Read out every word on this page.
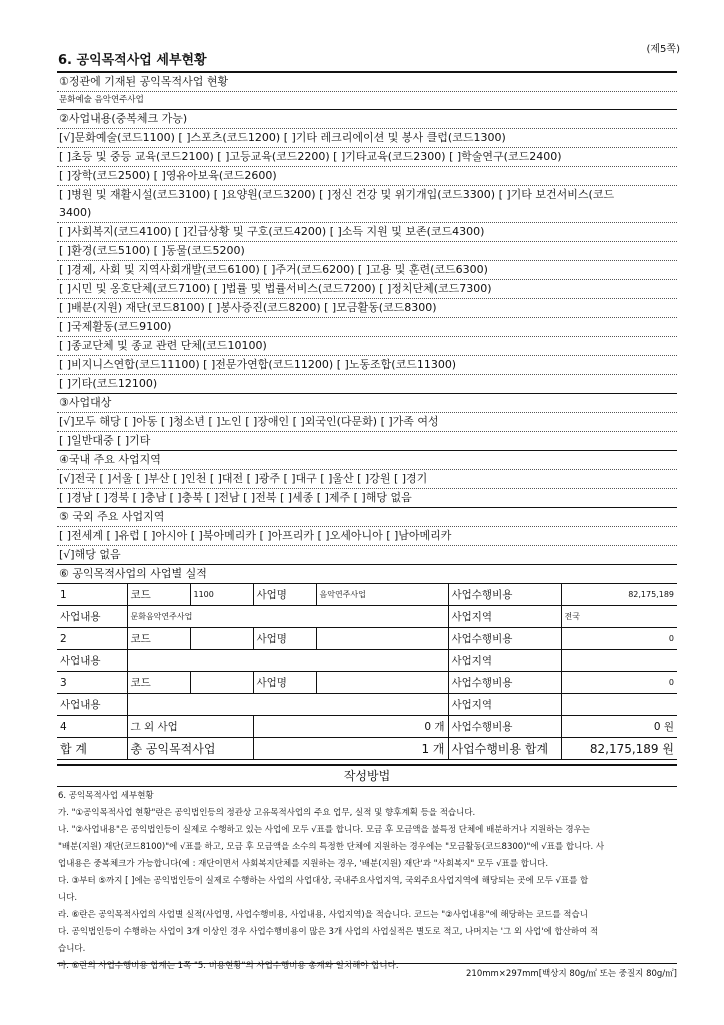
(제5쪽)
6. 공익목적사업 세부현황
①정관에 기재된 공익목적사업 현황
문화예술 음악연주사업
②사업내용(중복체크 가능)
[√]문화예술(코드1100) [ ]스포츠(코드1200) [ ]기타 레크리에이션 및 봉사 클럽(코드1300)
[ ]초등 및 중등 교육(코드2100) [ ]고등교육(코드2200) [ ]기타교육(코드2300) [ ]학술연구(코드2400)
[ ]장학(코드2500) [ ]영유아보육(코드2600)
[ ]병원 및 재활시설(코드3100) [ ]요양원(코드3200) [ ]정신 건강 및 위기개입(코드3300) [ ]기타 보건서비스(코드
3400)
[ ]사회복지(코드4100) [ ]긴급상황 및 구호(코드4200) [ ]소득 지원 및 보존(코드4300)
[ ]환경(코드5100) [ ]동물(코드5200)
[ ]경제, 사회 및 지역사회개발(코드6100) [ ]주거(코드6200) [ ]고용 및 훈련(코드6300)
[ ]시민 및 옹호단체(코드7100) [ ]법률 및 법률서비스(코드7200) [ ]정치단체(코드7300)
[ ]배분(지원) 재단(코드8100) [ ]봉사증진(코드8200) [ ]모금활동(코드8300)
[ ]국제활동(코드9100)
[ ]종교단체 및 종교 관련 단체(코드10100)
[ ]비지니스연합(코드11100) [ ]전문가연합(코드11200) [ ]노동조합(코드11300)
[ ]기타(코드12100)
③사업대상
[√]모두 해당 [ ]아동 [ ]청소년 [ ]노인 [ ]장애인 [ ]외국인(다문화) [ ]가족 여성
[ ]일반대중 [ ]기타
④국내 주요 사업지역
[√]전국 [ ]서울 [ ]부산 [ ]인천 [ ]대전 [ ]광주 [ ]대구 [ ]울산 [ ]강원 [ ]경기
[ ]경남 [ ]경북 [ ]충남 [ ]충북 [ ]전남 [ ]전북 [ ]세종 [ ]제주 [ ]해당 없음
⑤ 국외 주요 사업지역
[ ]전세계 [ ]유럽 [ ]아시아 [ ]북아메리카 [ ]아프리카 [ ]오세아니아 [ ]남아메리카
[√]해당 없음
⑥ 공익목적사업의 사업별 실적
1	코드	1100	사업명	음악연주사업	사업수행비용	82,175,189
사업내용	문화음악연주사업				사업지역	전국
2	코드		사업명		사업수행비용	0
사업내용					사업지역	
3	코드		사업명		사업수행비용	0
사업내용					사업지역	
4	그 외 사업		0 개		사업수행비용	0 원
합 계	총 공익목적사업		1 개		사업수행비용 합계	82,175,189 원
작성방법

6. 공익목적사업 세부현황

가. "①공익목적사업 현황"란은 공익법인등의 정관상 고유목적사업의 주요 업무, 실적 및 향후계획 등을 적습니다.

나. "②사업내용"은 공익법인등이 실제로 수행하고 있는 사업에 모두 √표를 합니다. 모금 후 모금액을 불특정 단체에 배분하거나 지원하는 경우는

"배분(지원) 재단(코드8100)"에 √표를 하고, 모금 후 모금액을 소수의 특정한 단체에 지원하는 경우에는 "모금활동(코드8300)"에 √표를 합니다. 사

업내용은 중복체크가 가능합니다(예 : 재단이면서 사회복지단체를 지원하는 경우, '배분(지원) 재단'과 "사회복지" 모두 √표를 합니다.

다. ③부터 ⑤까지 [ ]에는 공익법인등이 실제로 수행하는 사업의 사업대상, 국내주요사업지역, 국외주요사업지역에 해당되는 곳에 모두 √표를 합

니다.

라. ⑥란은 공익목적사업의 사업별 실적(사업명, 사업수행비용, 사업내용, 사업지역)을 적습니다. 코드는 "②사업내용"에 해당하는 코드를 적습니

다. 공익법인등이 수행하는 사업이 3개 이상인 경우 사업수행비용이 많은 3개 사업의 사업실적은 별도로 적고, 나머지는 '그 외 사업'에 합산하여 적

습니다.

마. ⑥란의 사업수행비용 합계는 1쪽 "5. 비용현황"의 사업수행비용 총계와 일치해야 합니다.

210mm×297mm[백상지 80g/㎡ 또는 중질지 80g/㎡]
